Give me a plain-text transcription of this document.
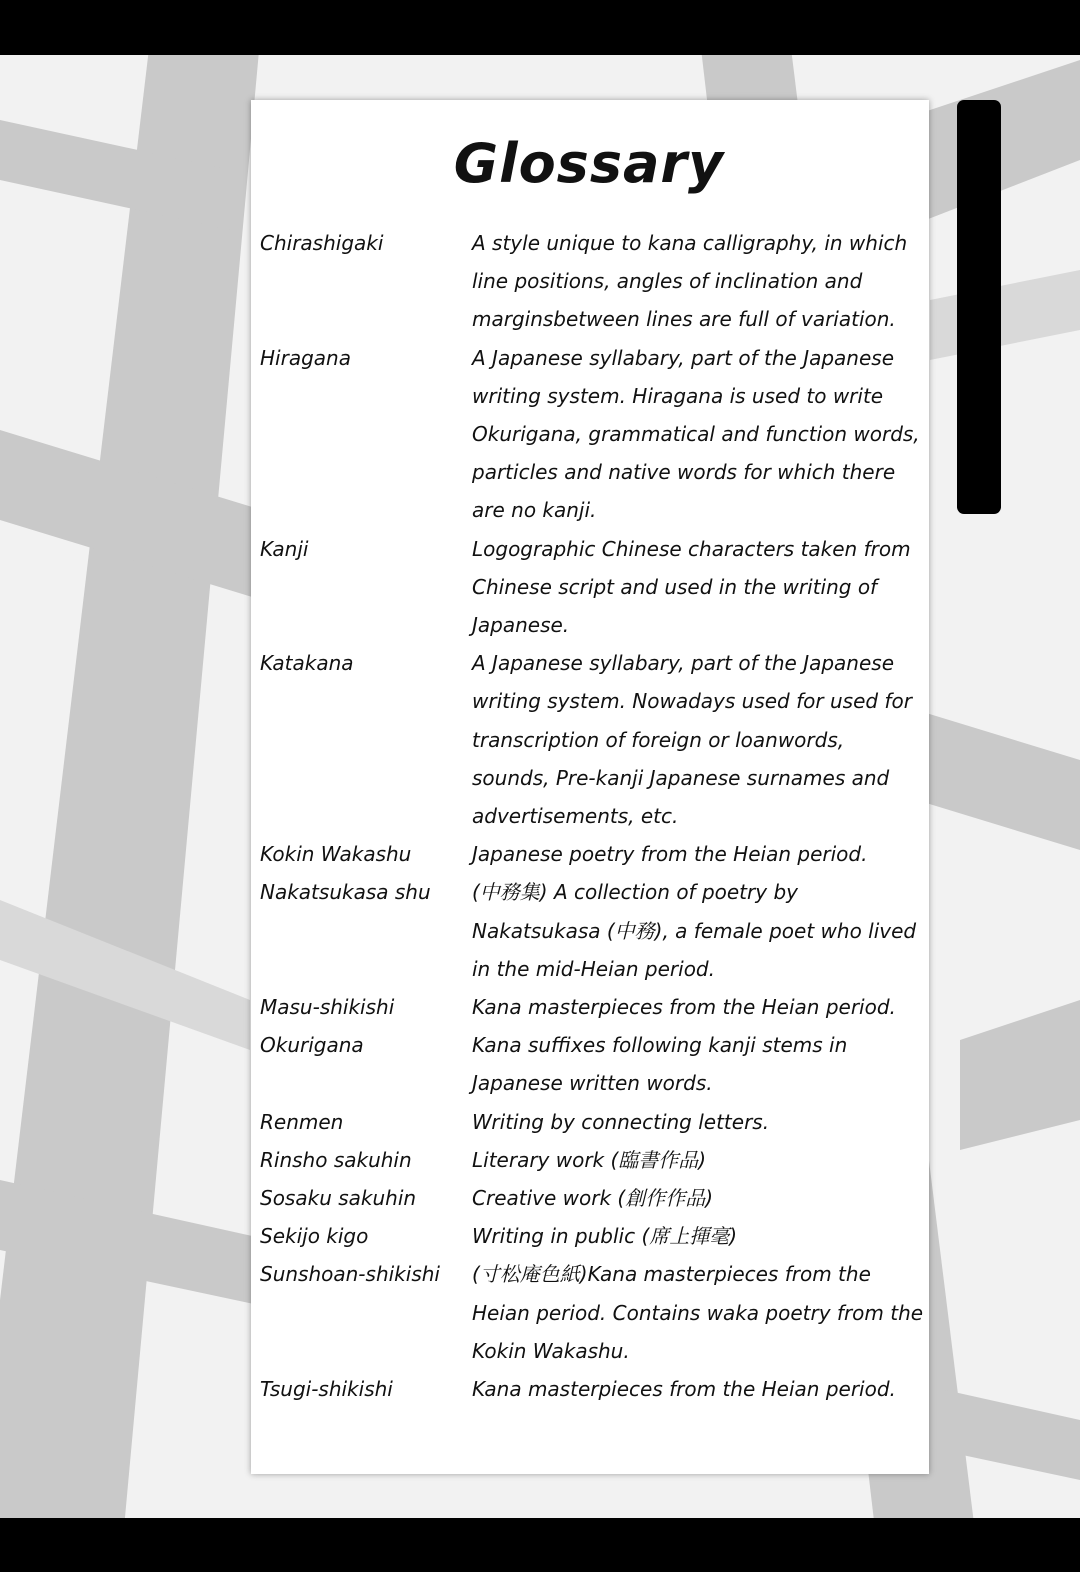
Glossary
Chirashigaki	A style unique to kana calligraphy, in which line positions, angles of inclination and marginsbetween lines are full of variation.
Hiragana	A Japanese syllabary, part of the Japanese writing system. Hiragana is used to write Okurigana, grammatical and function words, particles and native words for which there are no kanji.
Kanji	Logographic Chinese characters taken from Chinese script and used in the writing of Japanese.
Katakana	A Japanese syllabary, part of the Japanese writing system. Nowadays used for used for transcription of foreign or loanwords, sounds, Pre-kanji Japanese surnames and advertisements, etc.
Kokin Wakashu	Japanese poetry from the Heian period.
Nakatsukasa shu	(中務集) A collection of poetry by Nakatsukasa (中務), a female poet who lived in the mid-Heian period.
Masu-shikishi	Kana masterpieces from the Heian period.
Okurigana	Kana suffixes following kanji stems in Japanese written words.
Renmen	Writing by connecting letters.
Rinsho sakuhin	Literary work (臨書作品)
Sosaku sakuhin	Creative work (創作作品)
Sekijo kigo	Writing in public (席上揮毫)
Sunshoan-shikishi	(寸松庵色紙)Kana masterpieces from the Heian period. Contains waka poetry from the Kokin Wakashu.
Tsugi-shikishi	Kana masterpieces from the Heian period.
